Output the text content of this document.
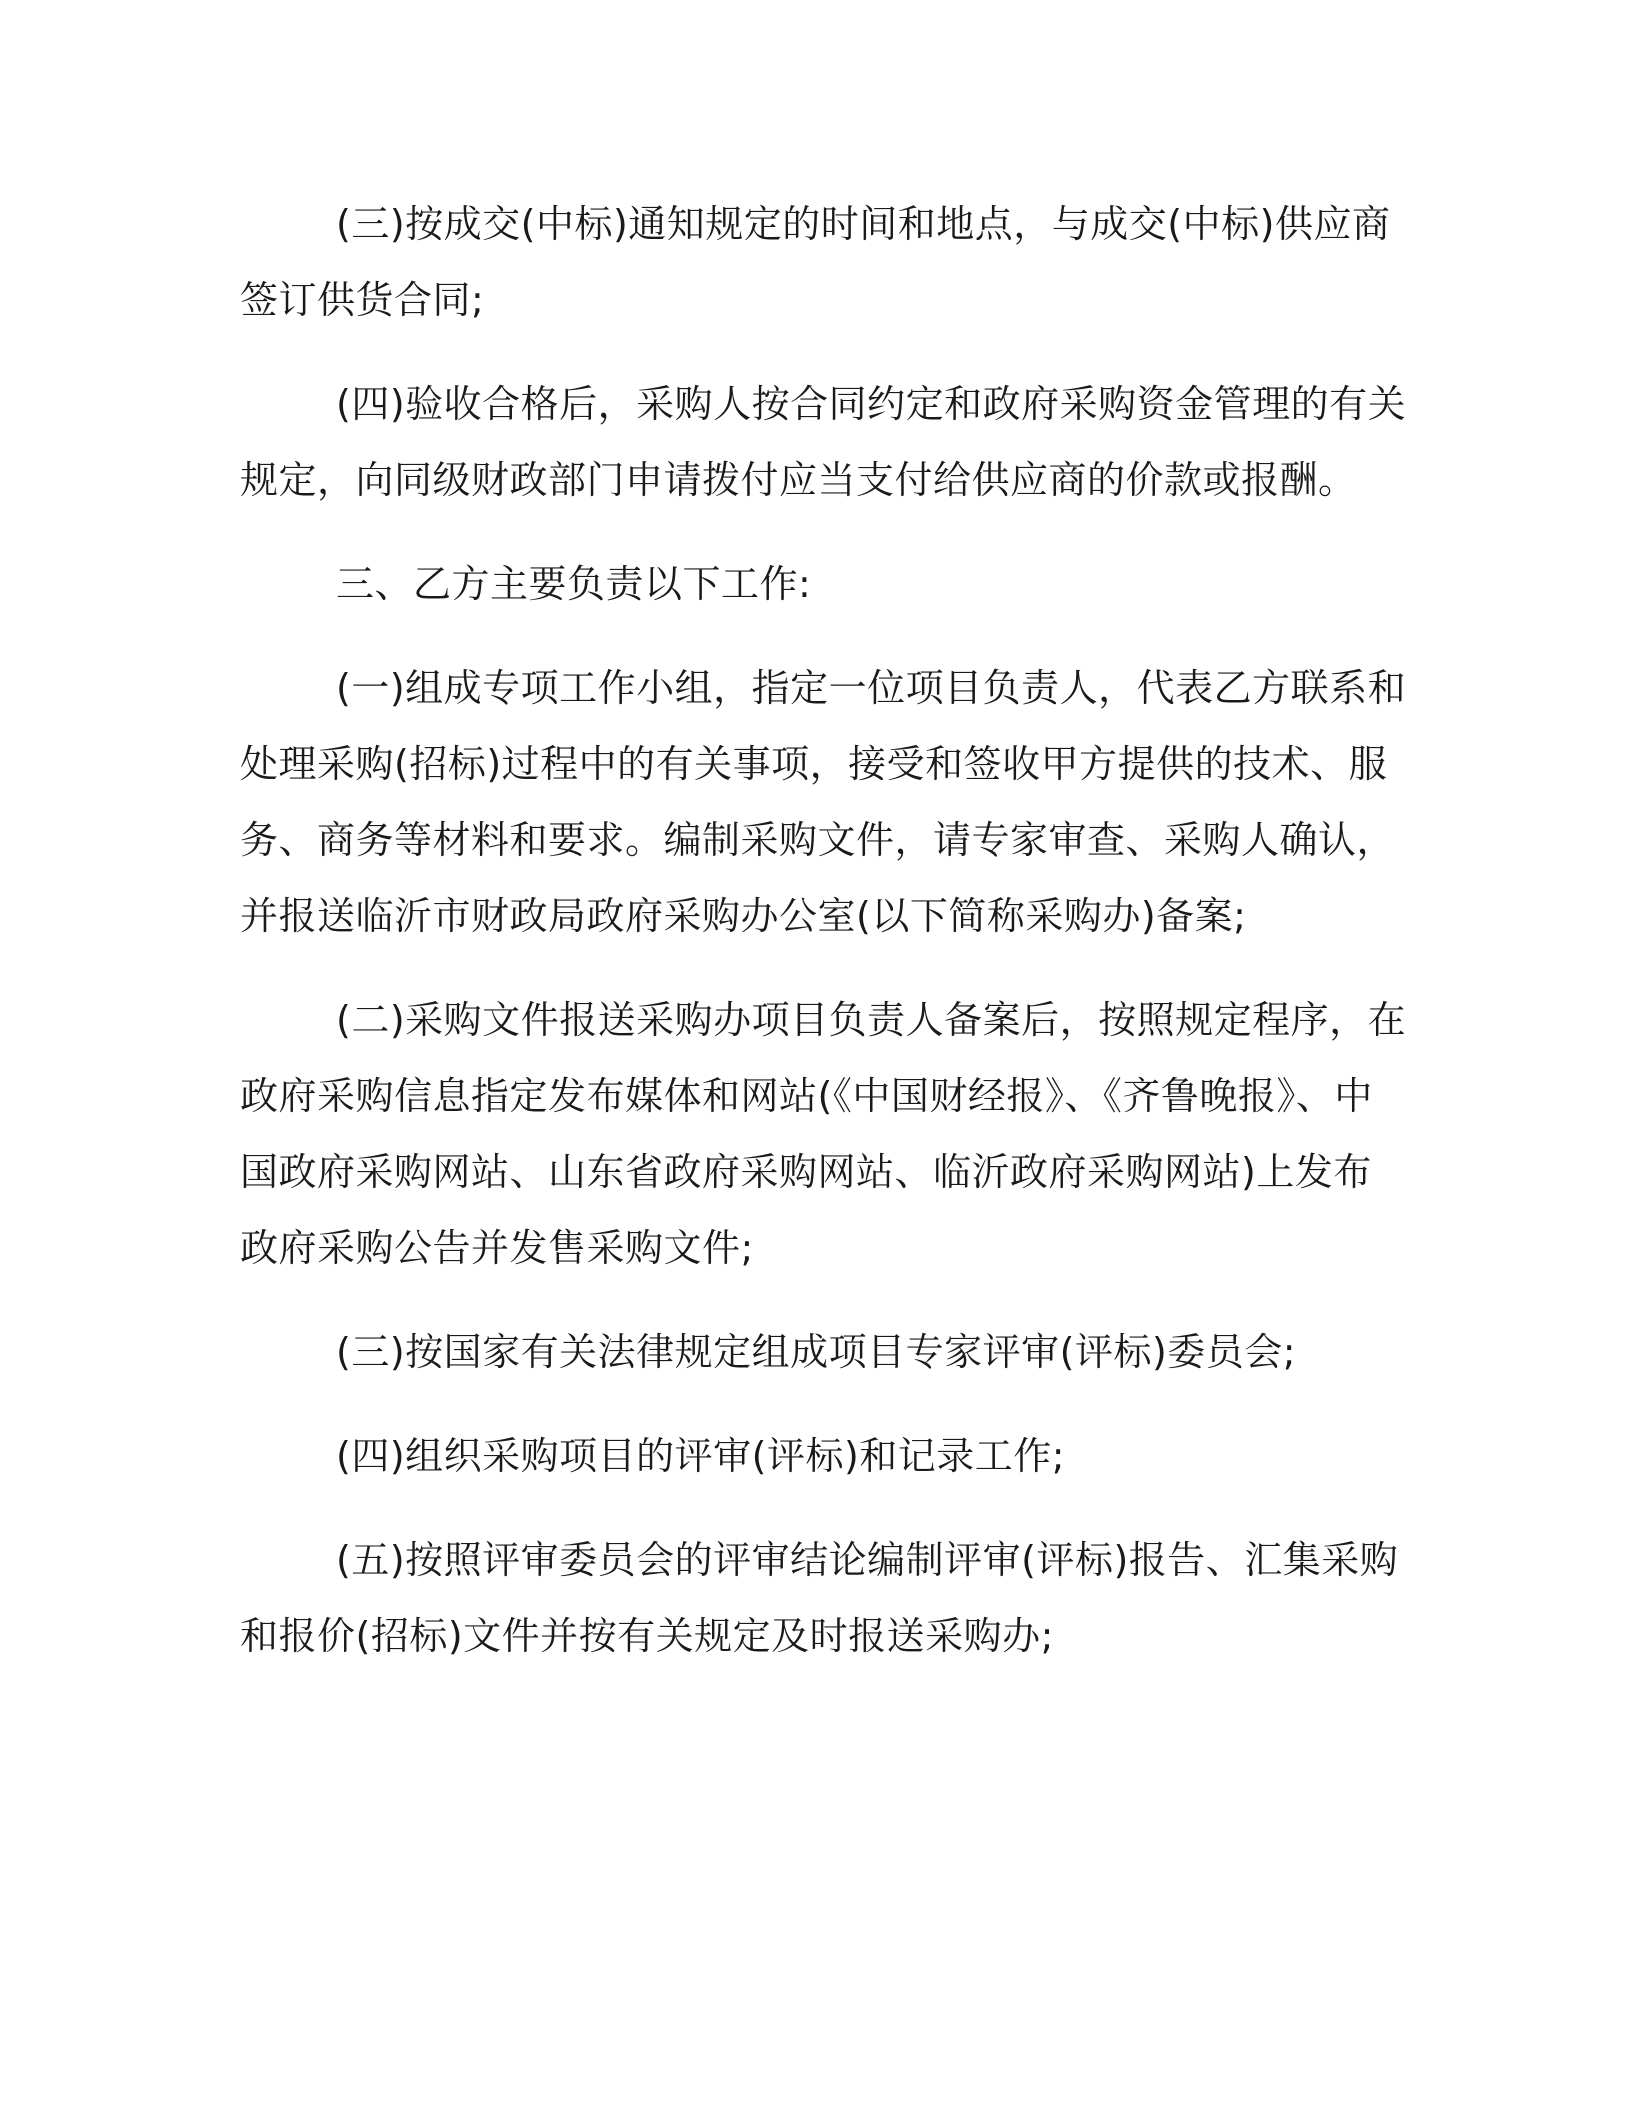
(三)按成交(中标)通知规定的时间和地点，与成交(中标)供应商签订供货合同;

(四)验收合格后，采购人按合同约定和政府采购资金管理的有关规定，向同级财政部门申请拨付应当支付给供应商的价款或报酬。

三、乙方主要负责以下工作:

(一)组成专项工作小组，指定一位项目负责人，代表乙方联系和处理采购(招标)过程中的有关事项，接受和签收甲方提供的技术、服务、商务等材料和要求。编制采购文件，请专家审查、采购人确认，并报送临沂市财政局政府采购办公室(以下简称采购办)备案;

(二)采购文件报送采购办项目负责人备案后，按照规定程序，在政府采购信息指定发布媒体和网站(《中国财经报》、《齐鲁晚报》、中国政府采购网站、山东省政府采购网站、临沂政府采购网站)上发布政府采购公告并发售采购文件;

(三)按国家有关法律规定组成项目专家评审(评标)委员会;

(四)组织采购项目的评审(评标)和记录工作;

(五)按照评审委员会的评审结论编制评审(评标)报告、汇集采购和报价(招标)文件并按有关规定及时报送采购办;
